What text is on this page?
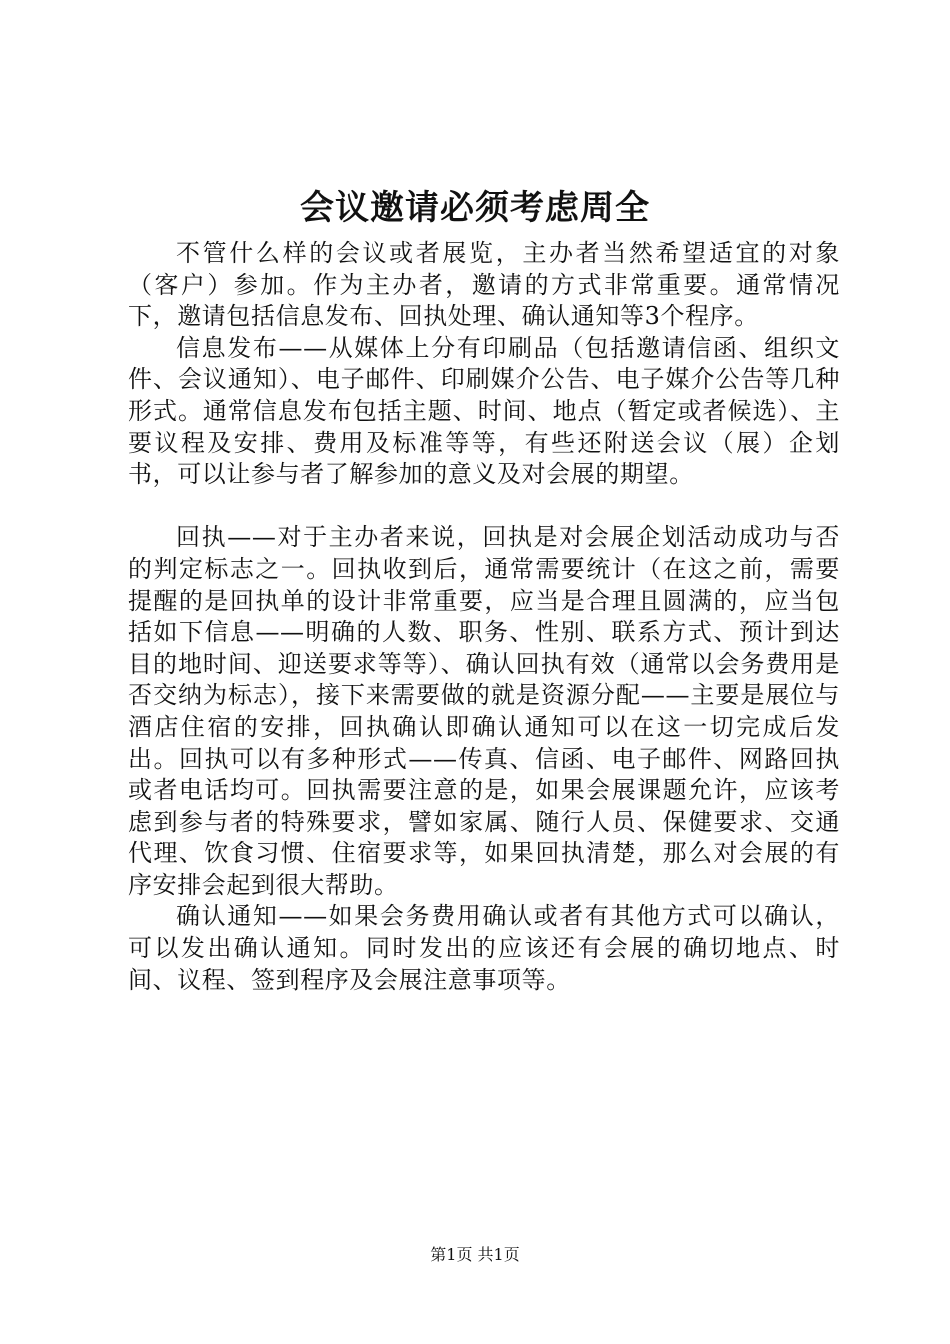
会议邀请必须考虑周全

不管什么样的会议或者展览，主办者当然希望适宜的对象（客户）参加。作为主办者，邀请的方式非常重要。通常情况下，邀请包括信息发布、回执处理、确认通知等3个程序。

信息发布——从媒体上分有印刷品（包括邀请信函、组织文件、会议通知）、电子邮件、印刷媒介公告、电子媒介公告等几种形式。通常信息发布包括主题、时间、地点（暂定或者候选）、主要议程及安排、费用及标准等等，有些还附送会议（展）企划书，可以让参与者了解参加的意义及对会展的期望。

回执——对于主办者来说，回执是对会展企划活动成功与否的判定标志之一。回执收到后，通常需要统计（在这之前，需要提醒的是回执单的设计非常重要，应当是合理且圆满的，应当包括如下信息——明确的人数、职务、性别、联系方式、预计到达目的地时间、迎送要求等等）、确认回执有效（通常以会务费用是否交纳为标志），接下来需要做的就是资源分配——主要是展位与酒店住宿的安排，回执确认即确认通知可以在这一切完成后发出。回执可以有多种形式——传真、信函、电子邮件、网路回执或者电话均可。回执需要注意的是，如果会展课题允许，应该考虑到参与者的特殊要求，譬如家属、随行人员、保健要求、交通代理、饮食习惯、住宿要求等，如果回执清楚，那么对会展的有序安排会起到很大帮助。

确认通知——如果会务费用确认或者有其他方式可以确认，可以发出确认通知。同时发出的应该还有会展的确切地点、时间、议程、签到程序及会展注意事项等。

第1页 共1页
